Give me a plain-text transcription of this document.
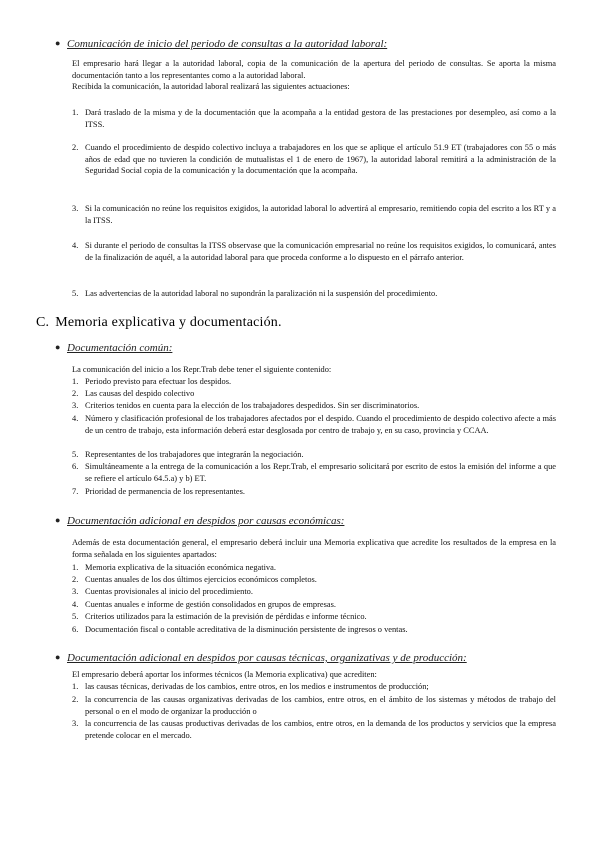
● Comunicación de inicio del periodo de consultas a la autoridad laboral:
El empresario hará llegar a la autoridad laboral, copia de la comunicación de la apertura del periodo de consultas. Se aporta la misma documentación tanto a los representantes como a la autoridad laboral.
Recibida la comunicación, la autoridad laboral realizará las siguientes actuaciones:
1. Dará traslado de la misma y de la documentación que la acompaña a la entidad gestora de las prestaciones por desempleo, así como a la ITSS.
2. Cuando el procedimiento de despido colectivo incluya a trabajadores en los que se aplique el artículo 51.9 ET (trabajadores con 55 o más años de edad que no tuvieren la condición de mutualistas el 1 de enero de 1967), la autoridad laboral remitirá a la administración de la Seguridad Social copia de la comunicación y la documentación que la acompaña.
3. Si la comunicación no reúne los requisitos exigidos, la autoridad laboral lo advertirá al empresario, remitiendo copia del escrito a los RT y a la ITSS.
4. Si durante el periodo de consultas la ITSS observase que la comunicación empresarial no reúne los requisitos exigidos, lo comunicará, antes de la finalización de aquél, a la autoridad laboral para que proceda conforme a lo dispuesto en el párrafo anterior.
5. Las advertencias de la autoridad laboral no supondrán la paralización ni la suspensión del procedimiento.
C. Memoria explicativa y documentación.
● Documentación común:
La comunicación del inicio a los Repr.Trab debe tener el siguiente contenido:
1. Periodo previsto para efectuar los despidos.
2. Las causas del despido colectivo
3. Criterios tenidos en cuenta para la elección de los trabajadores despedidos. Sin ser discriminatorios.
4. Número y clasificación profesional de los trabajadores afectados por el despido. Cuando el procedimiento de despido colectivo afecte a más de un centro de trabajo, esta información deberá estar desglosada por centro de trabajo y, en su caso, provincia y CCAA.
5. Representantes de los trabajadores que integrarán la negociación.
6. Simultáneamente a la entrega de la comunicación a los Repr.Trab, el empresario solicitará por escrito de estos la emisión del informe a que se refiere el artículo 64.5.a) y b) ET.
7. Prioridad de permanencia de los representantes.
● Documentación adicional en despidos por causas económicas:
Además de esta documentación general, el empresario deberá incluir una Memoria explicativa que acredite los resultados de la empresa en la forma señalada en los siguientes apartados:
1. Memoria explicativa de la situación económica negativa.
2. Cuentas anuales de los dos últimos ejercicios económicos completos.
3. Cuentas provisionales al inicio del procedimiento.
4. Cuentas anuales e informe de gestión consolidados en grupos de empresas.
5. Criterios utilizados para la estimación de la previsión de pérdidas e informe técnico.
6. Documentación fiscal o contable acreditativa de la disminución persistente de ingresos o ventas.
● Documentación adicional en despidos por causas técnicas, organizativas y de producción:
El empresario deberá aportar los informes técnicos (la Memoria explicativa) que acrediten:
1. las causas técnicas, derivadas de los cambios, entre otros, en los medios e instrumentos de producción;
2. la concurrencia de las causas organizativas derivadas de los cambios, entre otros, en el ámbito de los sistemas y métodos de trabajo del personal o en el modo de organizar la producción o
3. la concurrencia de las causas productivas derivadas de los cambios, entre otros, en la demanda de los productos y servicios que la empresa pretende colocar en el mercado.
